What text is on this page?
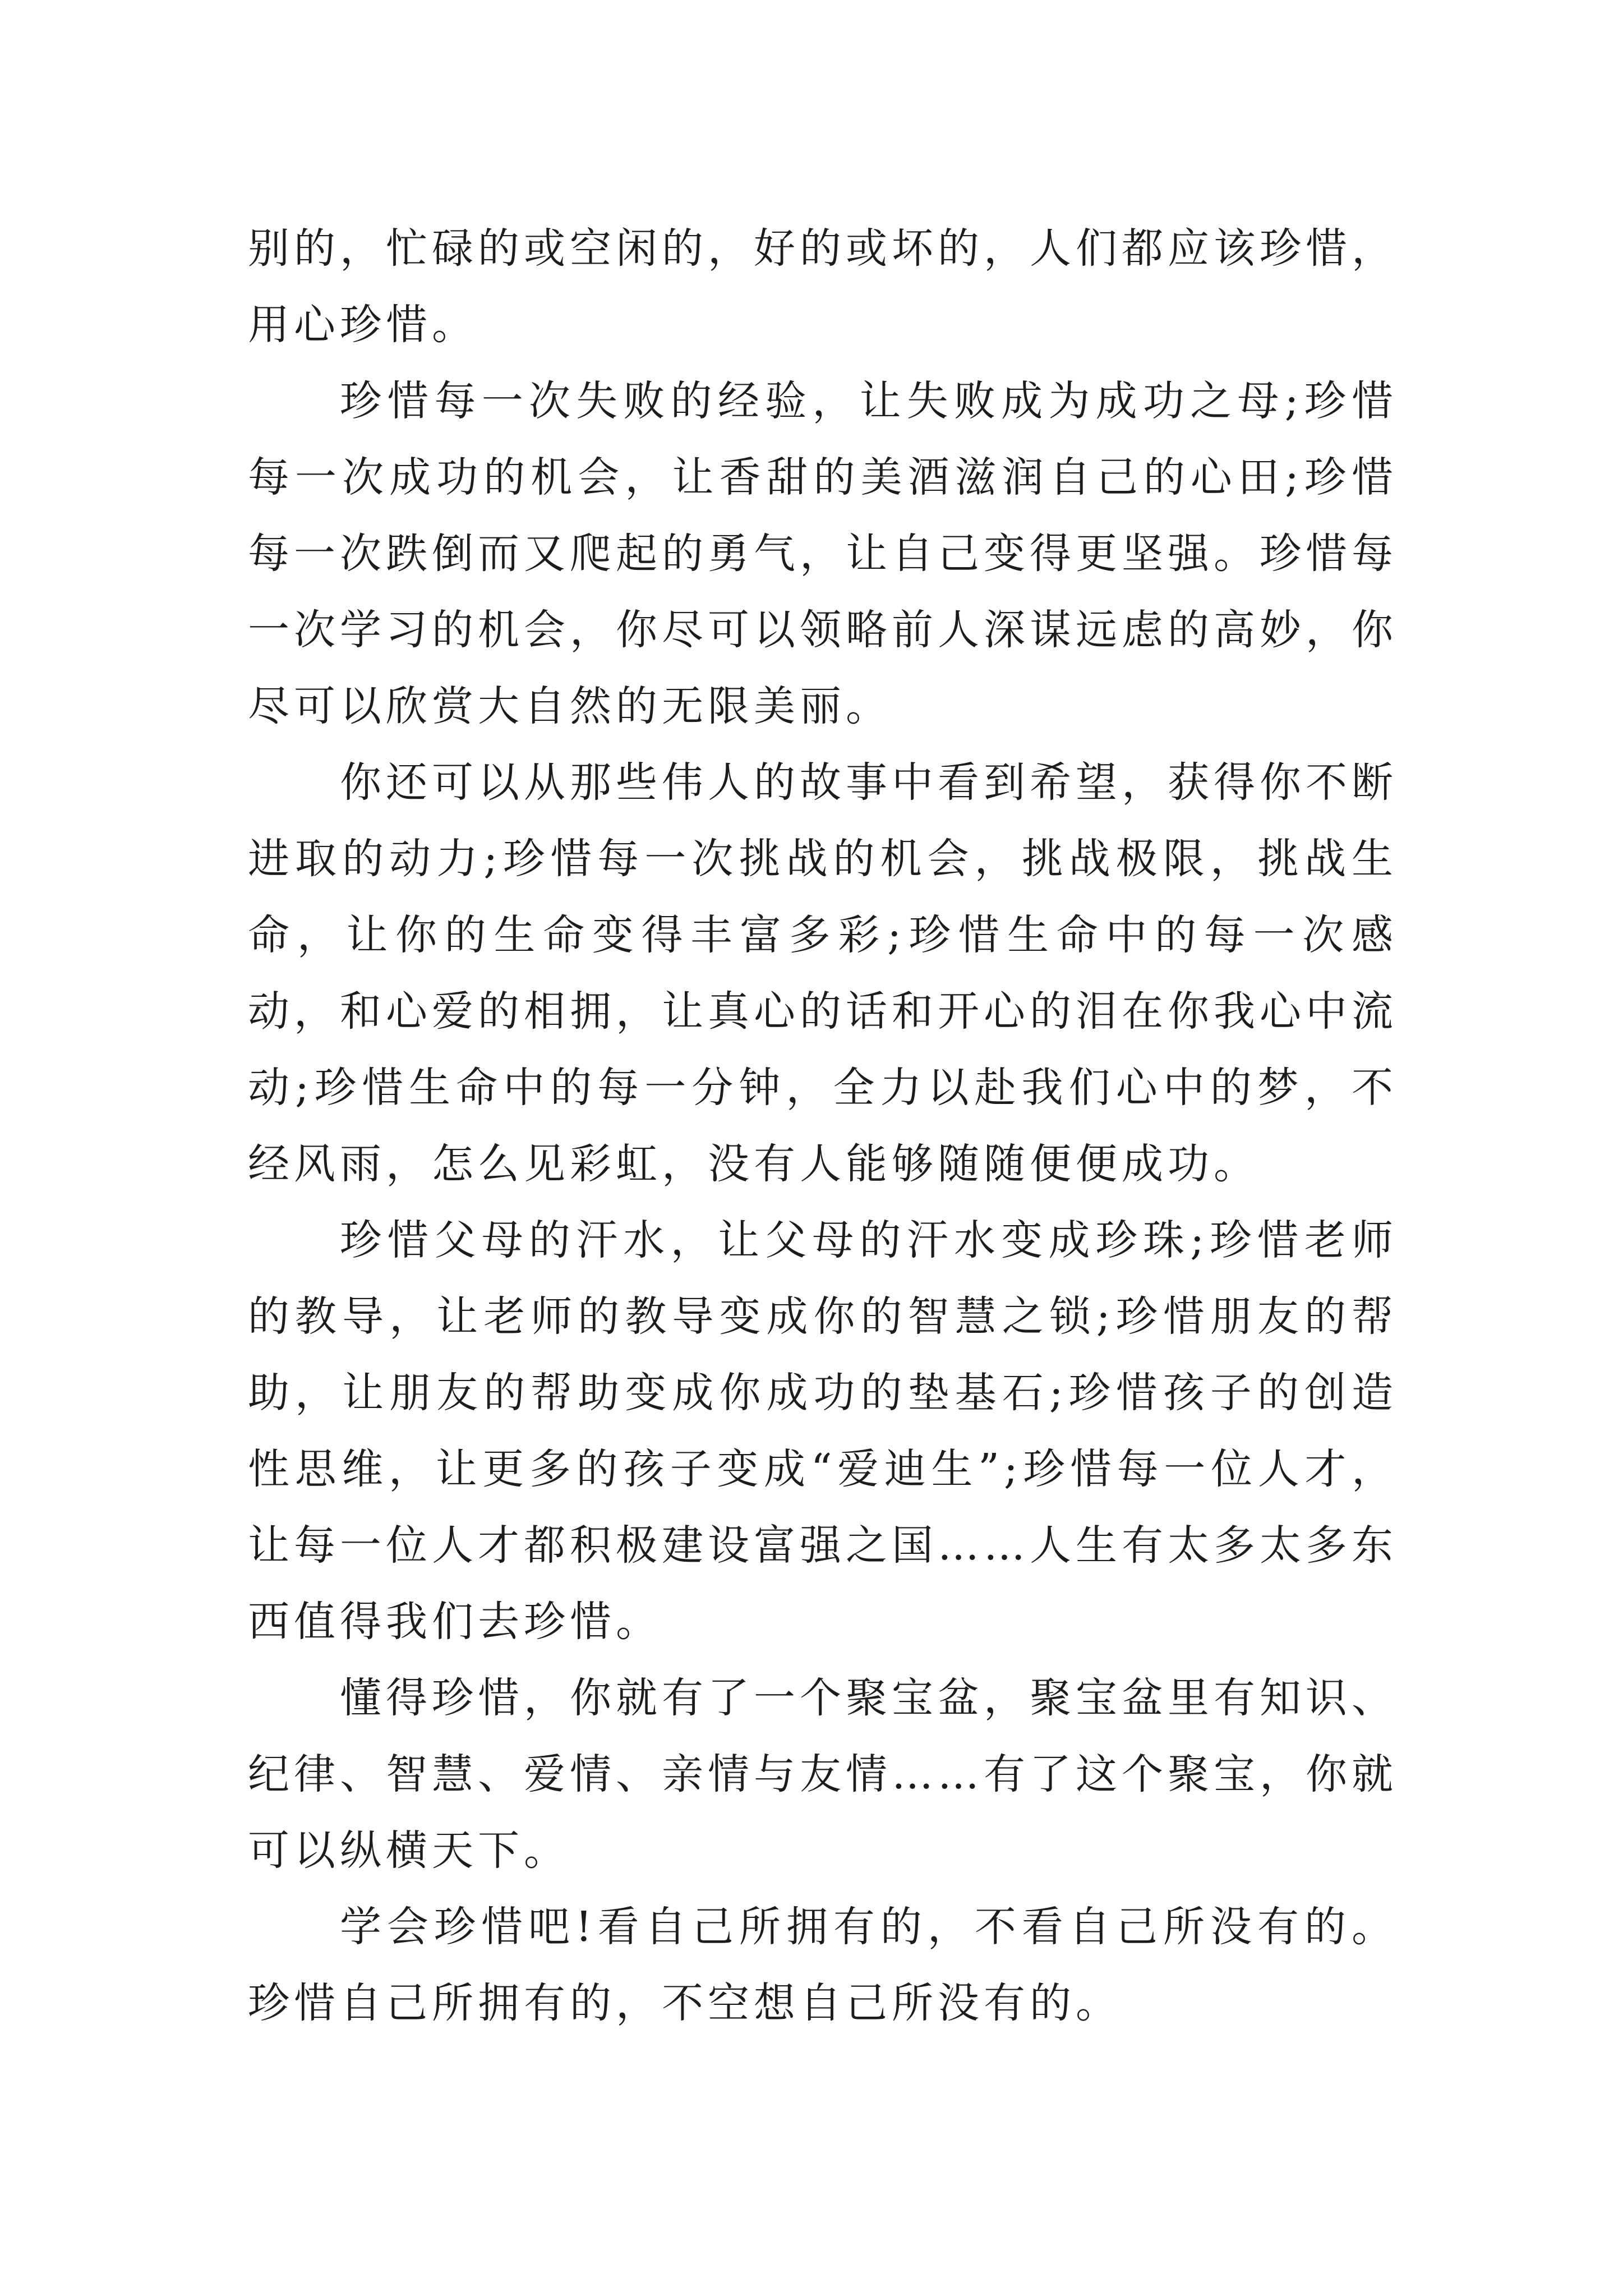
别的，忙碌的或空闲的，好的或坏的，人们都应该珍惜，用心珍惜。

珍惜每一次失败的经验，让失败成为成功之母;珍惜每一次成功的机会，让香甜的美酒滋润自己的心田;珍惜每一次跌倒而又爬起的勇气，让自己变得更坚强。珍惜每一次学习的机会，你尽可以领略前人深谋远虑的高妙，你尽可以欣赏大自然的无限美丽。

你还可以从那些伟人的故事中看到希望，获得你不断进取的动力;珍惜每一次挑战的机会，挑战极限，挑战生命，让你的生命变得丰富多彩;珍惜生命中的每一次感动，和心爱的相拥，让真心的话和开心的泪在你我心中流动;珍惜生命中的每一分钟，全力以赴我们心中的梦，不经风雨，怎么见彩虹，没有人能够随随便便成功。

珍惜父母的汗水，让父母的汗水变成珍珠;珍惜老师的教导，让老师的教导变成你的智慧之锁;珍惜朋友的帮助，让朋友的帮助变成你成功的垫基石;珍惜孩子的创造性思维，让更多的孩子变成“爱迪生”;珍惜每一位人才，让每一位人才都积极建设富强之国……人生有太多太多东西值得我们去珍惜。

懂得珍惜，你就有了一个聚宝盆，聚宝盆里有知识、纪律、智慧、爱情、亲情与友情……有了这个聚宝，你就可以纵横天下。

学会珍惜吧!看自己所拥有的，不看自己所没有的。珍惜自己所拥有的，不空想自己所没有的。
